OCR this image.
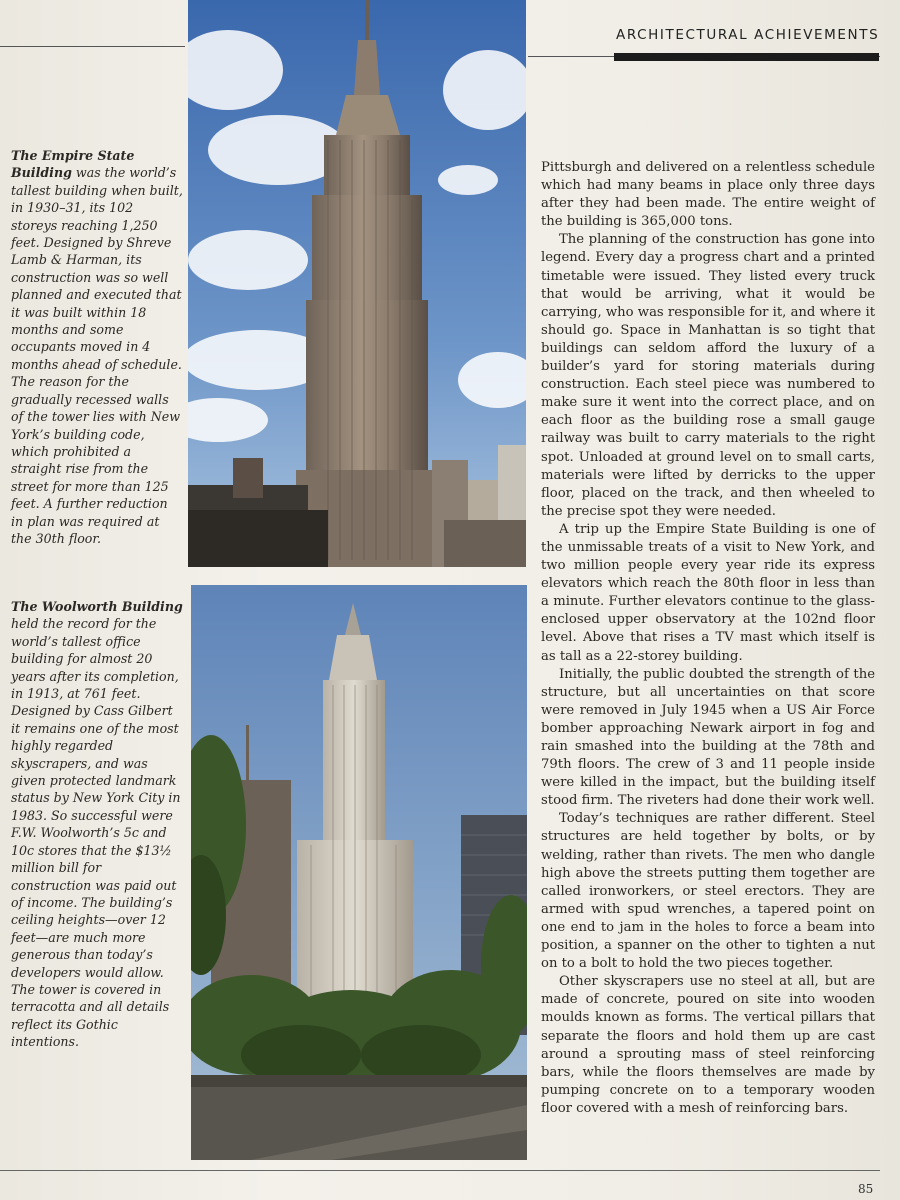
ARCHITECTURAL ACHIEVEMENTS
The Empire State Building was the world’s tallest building when built, in 1930–31, its 102 storeys reaching 1,250 feet. Designed by Shreve Lamb & Harman, its construction was so well planned and executed that it was built within 18 months and some occupants moved in 4 months ahead of schedule. The reason for the gradually recessed walls of the tower lies with New York’s building code, which prohibited a straight rise from the street for more than 125 feet. A further reduction in plan was required at the 30th floor.
The Woolworth Building held the record for the world’s tallest office building for almost 20 years after its completion, in 1913, at 761 feet. Designed by Cass Gilbert it remains one of the most highly regarded skyscrapers, and was given protected landmark status by New York City in 1983. So successful were F.W. Woolworth’s 5c and 10c stores that the $13½ million bill for construction was paid out of income. The building’s ceiling heights—over 12 feet—are much more generous than today’s developers would allow. The tower is covered in terracotta and all details reflect its Gothic intentions.

Pittsburgh and delivered on a relentless schedule which had many beams in place only three days after they had been made. The entire weight of the building is 365,000 tons.

The planning of the construction has gone into legend. Every day a progress chart and a printed timetable were issued. They listed every truck that would be arriving, what it would be carrying, who was responsible for it, and where it should go. Space in Manhattan is so tight that buildings can seldom afford the luxury of a builder’s yard for storing materials during construction. Each steel piece was numbered to make sure it went into the correct place, and on each floor as the building rose a small gauge railway was built to carry materials to the right spot. Unloaded at ground level on to small carts, materials were lifted by derricks to the upper floor, placed on the track, and then wheeled to the precise spot they were needed.

A trip up the Empire State Building is one of the unmissable treats of a visit to New York, and two million people every year ride its express elevators which reach the 80th floor in less than a minute. Further elevators continue to the glass-enclosed upper observatory at the 102nd floor level. Above that rises a TV mast which itself is as tall as a 22-storey building.

Initially, the public doubted the strength of the structure, but all uncertainties on that score were removed in July 1945 when a US Air Force bomber approaching Newark airport in fog and rain smashed into the building at the 78th and 79th floors. The crew of 3 and 11 people inside were killed in the impact, but the building itself stood firm. The riveters had done their work well.

Today’s techniques are rather different. Steel structures are held together by bolts, or by welding, rather than rivets. The men who dangle high above the streets putting them together are called ironworkers, or steel erectors. They are armed with spud wrenches, a tapered point on one end to jam in the holes to force a beam into position, a spanner on the other to tighten a nut on to a bolt to hold the two pieces together.

Other skyscrapers use no steel at all, but are made of concrete, poured on site into wooden moulds known as forms. The vertical pillars that separate the floors and hold them up are cast around a sprouting mass of steel reinforcing bars, while the floors themselves are made by pumping concrete on to a temporary wooden floor covered with a mesh of reinforcing bars.

85
